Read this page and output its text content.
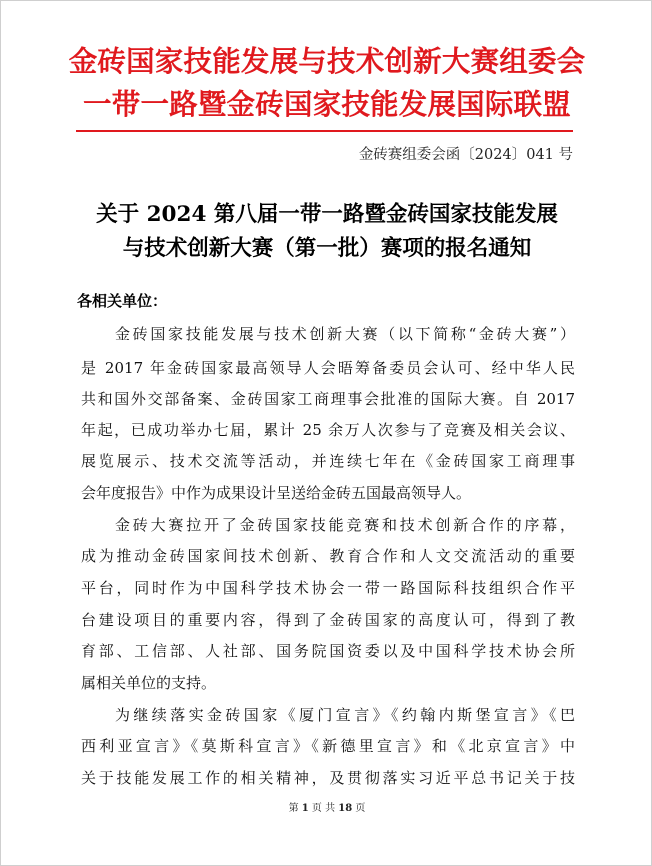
金砖国家技能发展与技术创新大赛组委会
一带一路暨金砖国家技能发展国际联盟
金砖赛组委会函〔2024〕041 号
关于 2024 第八届一带一路暨金砖国家技能发展
与技术创新大赛（第一批）赛项的报名通知
各相关单位：
金砖国家技能发展与技术创新大赛（以下简称“金砖大赛”）
是 2017 年金砖国家最高领导人会晤筹备委员会认可、经中华人民
共和国外交部备案、金砖国家工商理事会批准的国际大赛。自 2017
年起，已成功举办七届，累计 25 余万人次参与了竞赛及相关会议、
展览展示、技术交流等活动，并连续七年在《金砖国家工商理事
会年度报告》中作为成果设计呈送给金砖五国最高领导人。
金砖大赛拉开了金砖国家技能竞赛和技术创新合作的序幕，
成为推动金砖国家间技术创新、教育合作和人文交流活动的重要
平台，同时作为中国科学技术协会一带一路国际科技组织合作平
台建设项目的重要内容，得到了金砖国家的高度认可，得到了教
育部、工信部、人社部、国务院国资委以及中国科学技术协会所
属相关单位的支持。
为继续落实金砖国家《厦门宣言》《约翰内斯堡宣言》《巴
西利亚宣言》《莫斯科宣言》《新德里宣言》和《北京宣言》中
关于技能发展工作的相关精神，及贯彻落实习近平总书记关于技
第 1 页 共 18 页
